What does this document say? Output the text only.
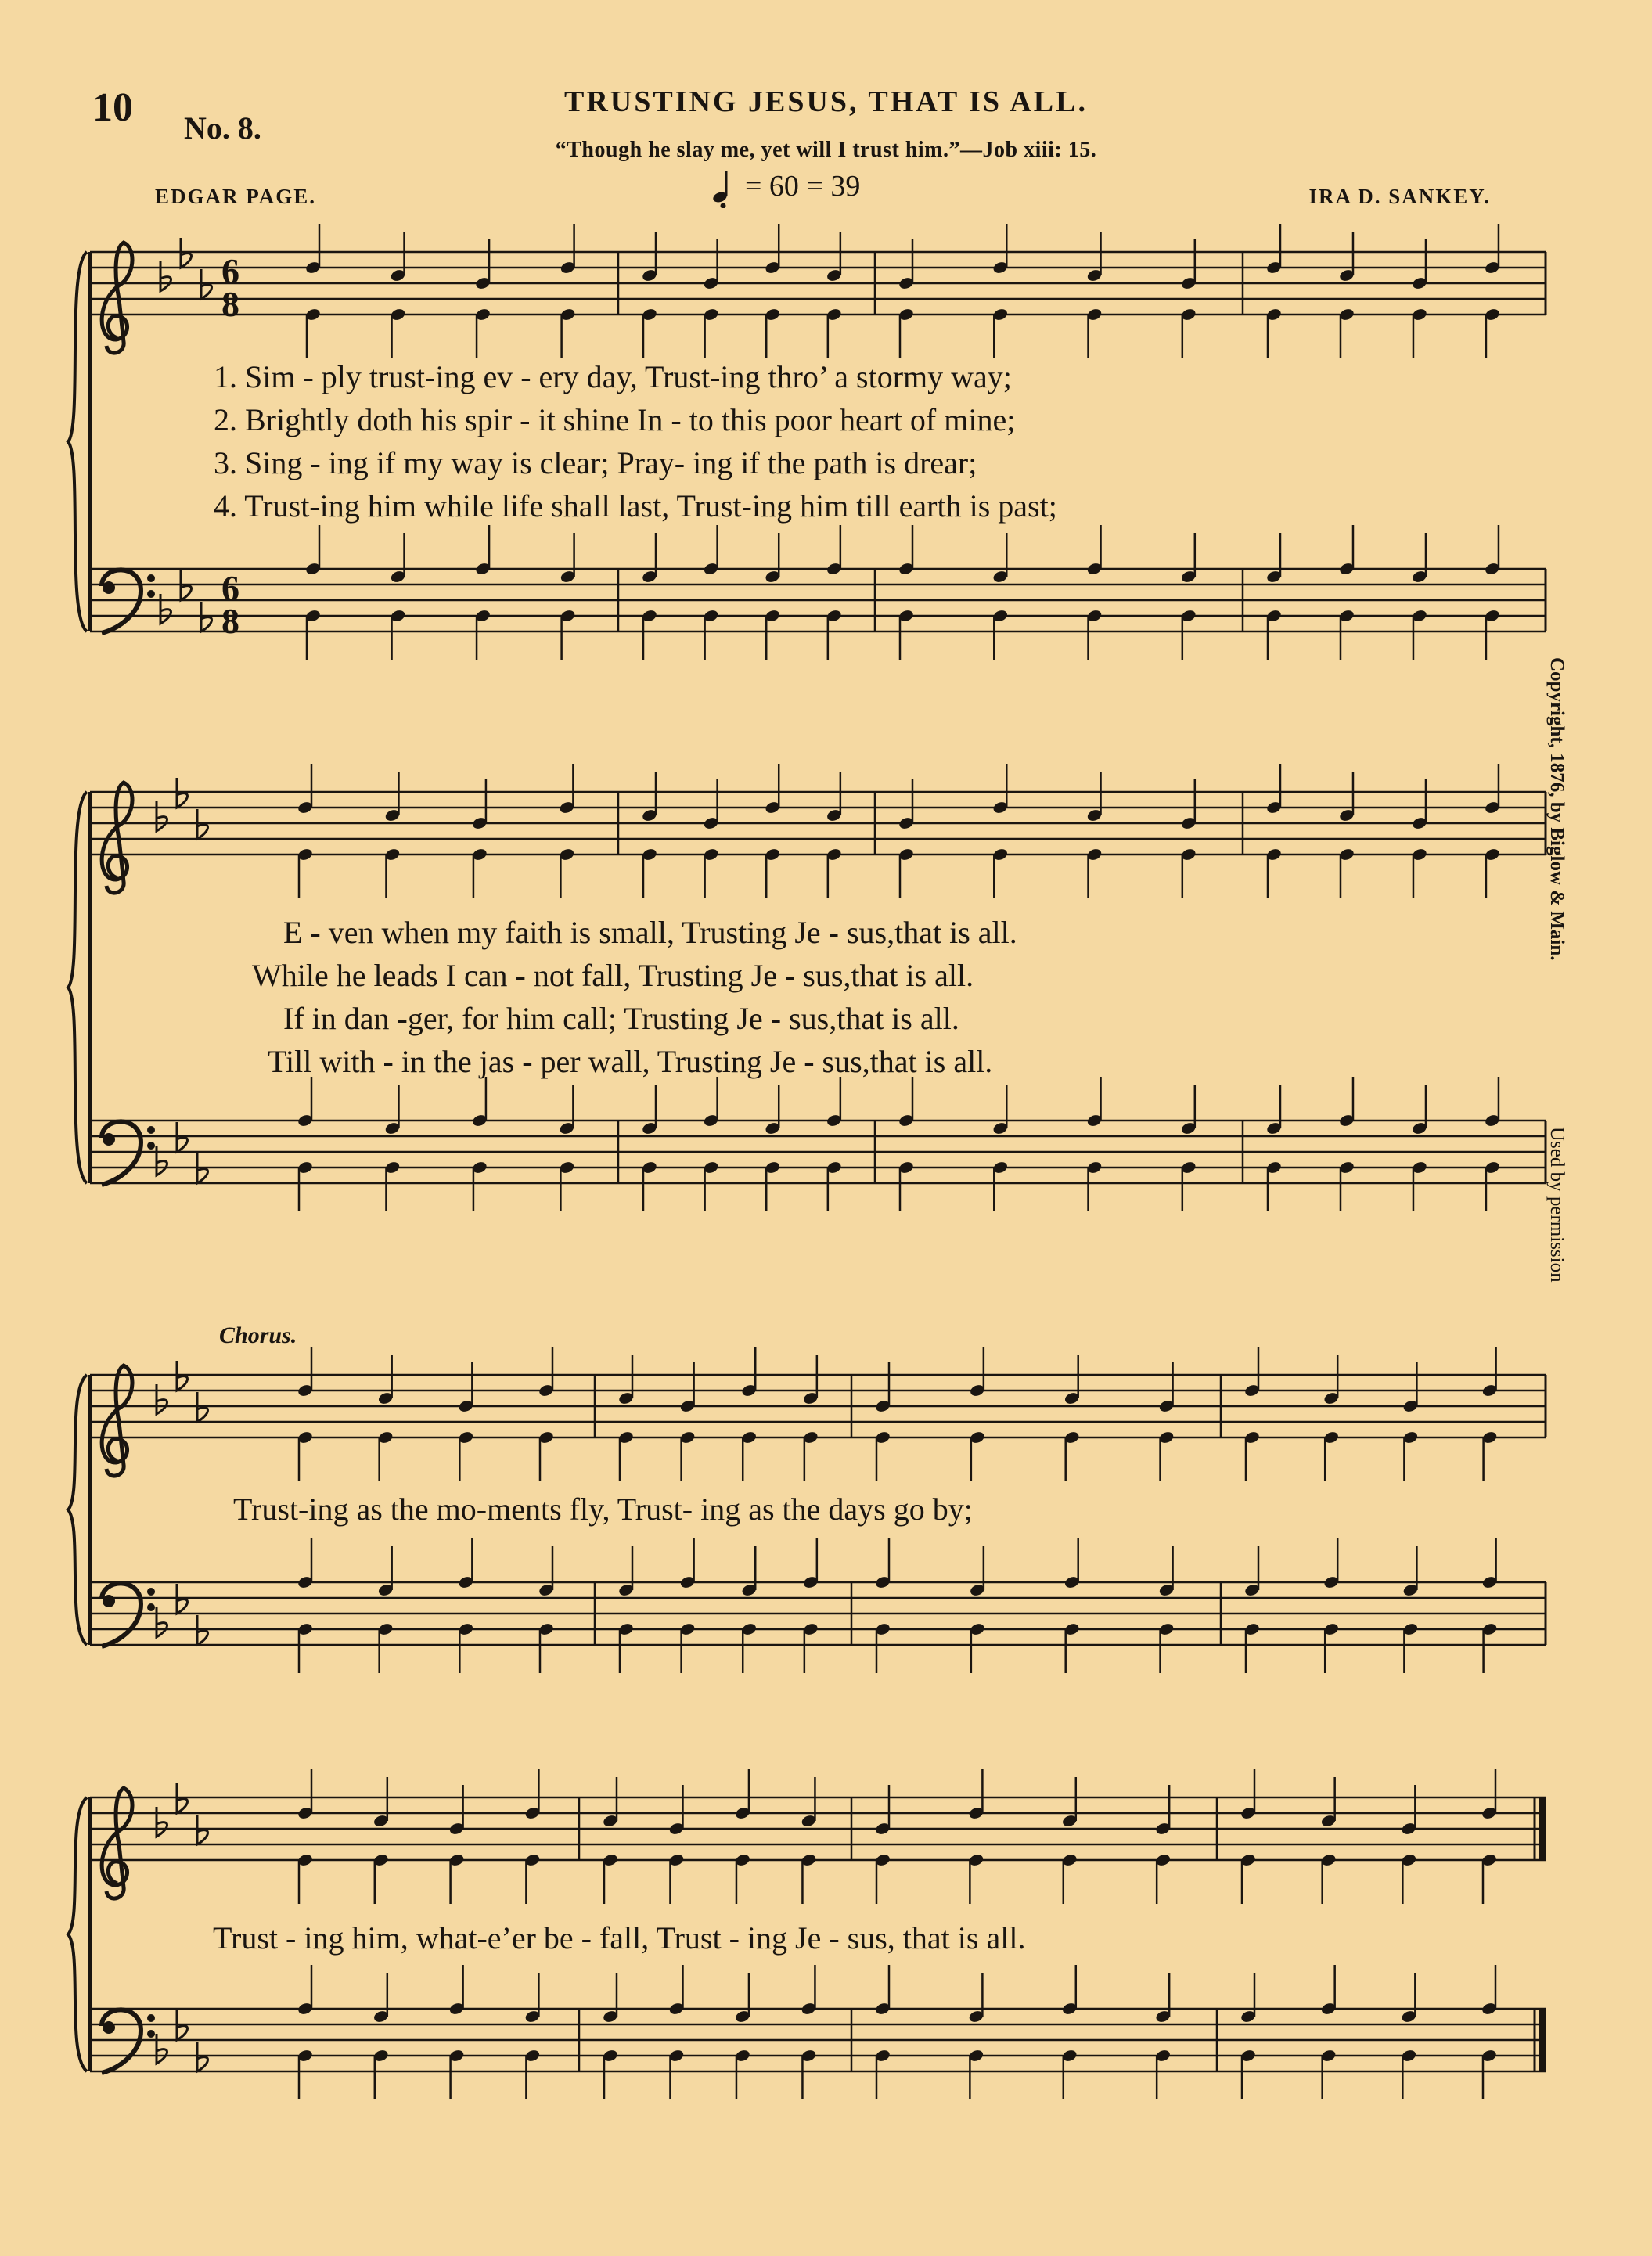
10 No. 8.
TRUSTING JESUS, THAT IS ALL.
“Though he slay me, yet will I trust him.”—Job xiii: 15.
EDGAR PAGE.	IRA D. SANKEY.
= 60 = 39
Chorus.
6
8
6
8
1. Sim - ply trust-ing ev - ery day, Trust-ing thro’ a stormy way;
2. Brightly doth his spir - it shine In - to this poor heart of mine;
3. Sing - ing if my way is clear; Pray- ing if the path is drear;
4. Trust-ing him while life shall last, Trust-ing him till earth is past;
E - ven when my faith is small, Trusting Je - sus,that is all.
While he leads I can - not fall, Trusting Je - sus,that is all.
If in dan -ger, for him call; Trusting Je - sus,that is all.
Till with - in the jas - per wall, Trusting Je - sus,that is all.
Trust-ing as the mo-ments fly, Trust- ing as the days go by;
Trust - ing him, what-e’er be - fall, Trust - ing Je - sus, that is all.
Copyright, 1876, by Biglow & Main.
Used by permission
